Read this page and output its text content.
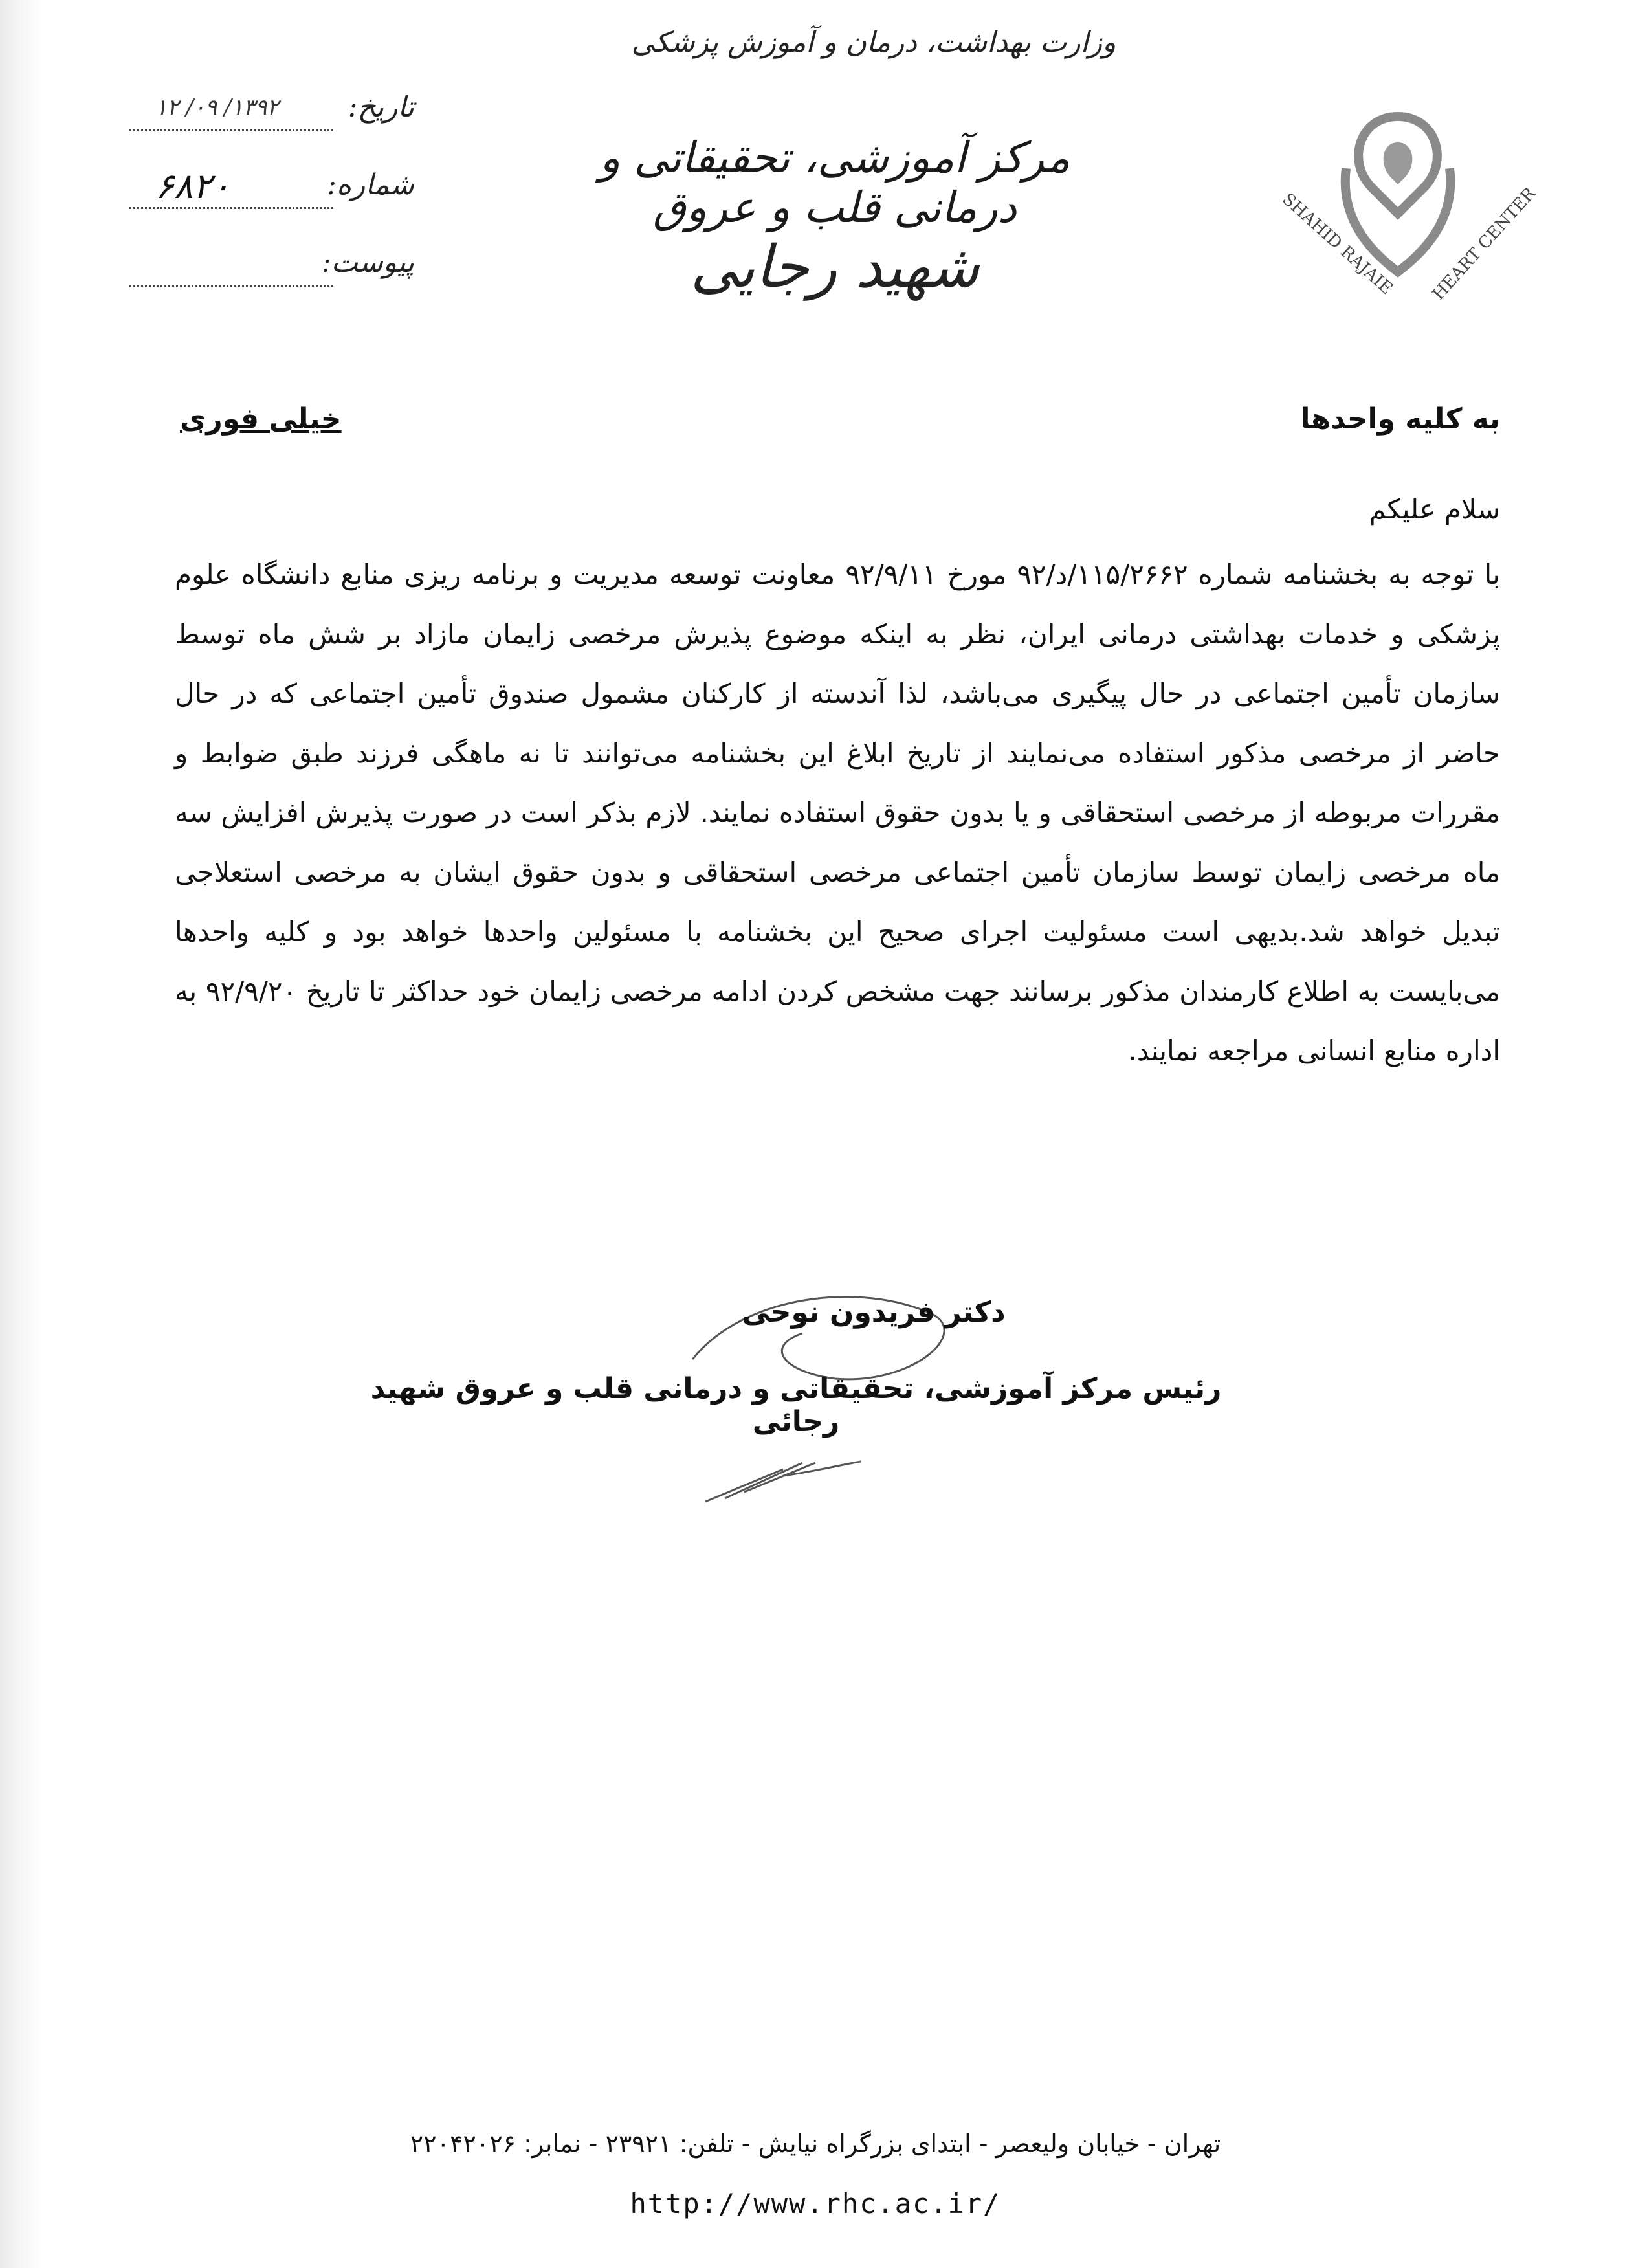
SHAHID RAJAIE HEART CENTER
وزارت بهداشت، درمان و آموزش پزشکی
مرکز آموزشی، تحقیقاتی و درمانی قلب و عروق
شهید رجایی
تاریخ:
۱۳۹۲/ ۰۹/ ۱۲
شماره:
۶۸۲۰
پیوست:
به کلیه واحدها
خیلی فوری
سلام علیکم
با توجه به بخشنامه شماره ۱۱۵/۲۶۶۲/د/۹۲ مورخ ۹۲/۹/۱۱ معاونت توسعه مدیریت و برنامه ریزی منابع دانشگاه علوم پزشکی و خدمات بهداشتی درمانی ایران، نظر به اینکه موضوع پذیرش مرخصی زایمان مازاد بر شش ماه توسط سازمان تأمین اجتماعی در حال پیگیری می‌باشد، لذا آندسته از کارکنان مشمول صندوق تأمین اجتماعی که در حال حاضر از مرخصی مذکور استفاده می‌نمایند از تاریخ ابلاغ این بخشنامه می‌توانند تا نه ماهگی فرزند طبق ضوابط و مقررات مربوطه از مرخصی استحقاقی و یا بدون حقوق استفاده نمایند. لازم بذکر است در صورت پذیرش افزایش سه ماه مرخصی زایمان توسط سازمان تأمین اجتماعی مرخصی استحقاقی و بدون حقوق ایشان به مرخصی استعلاجی تبدیل خواهد شد.بدیهی است مسئولیت اجرای صحیح این بخشنامه با مسئولین واحدها خواهد بود و کلیه واحدها می‌بایست به اطلاع کارمندان مذکور برسانند جهت مشخص کردن ادامه مرخصی زایمان خود حداکثر تا تاریخ ۹۲/۹/۲۰ به اداره منابع انسانی مراجعه نمایند.
دکتر فریدون نوحی
رئیس مرکز آموزشی، تحقیقاتی و درمانی قلب و عروق شهید رجائی
تهران - خیابان ولیعصر - ابتدای بزرگراه نیایش - تلفن: ۲۳۹۲۱ - نمابر: ۲۲۰۴۲۰۲۶
http://www.rhc.ac.ir/
